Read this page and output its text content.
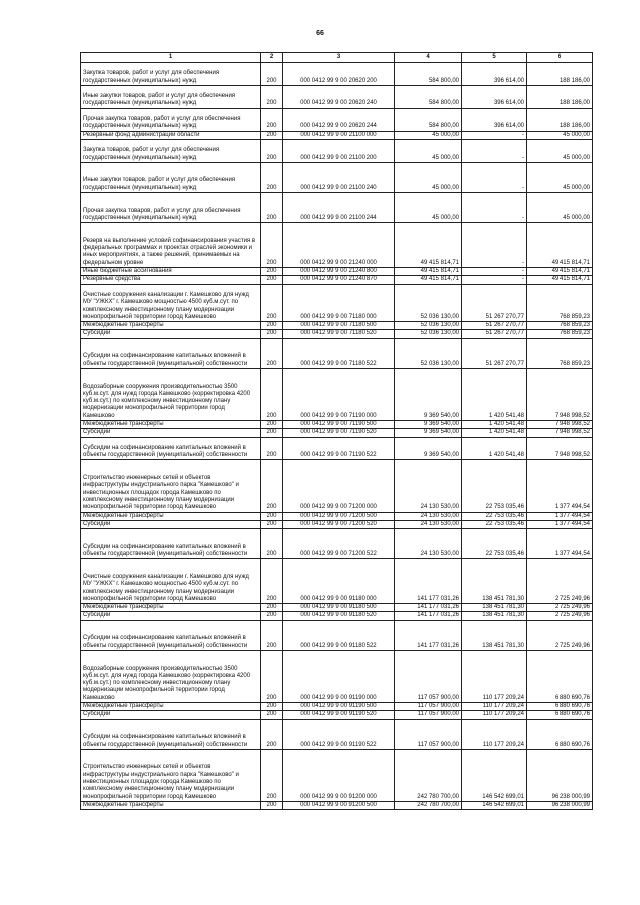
66
1	2	3	4	5	6
Закупка товаров, работ и услуг для обеспечения государственных (муниципальных) нужд	200	000 0412 99 9 00 20620 200	584 800,00	396 614,00	188 186,00
Иные закупки товаров, работ и услуг для обеспечения государственных (муниципальных) нужд	200	000 0412 99 9 00 20620 240	584 800,00	396 614,00	188 186,00
Прочая закупка товаров, работ и услуг для обеспечения государственных (муниципальных) нужд	200	000 0412 99 9 00 20620 244	584 800,00	396 614,00	188 186,00
Резервный фонд администрации области	200	000 0412 99 9 00 21100 000	45 000,00	-	45 000,00
Закупка товаров, работ и услуг для обеспечения государственных (муниципальных) нужд	200	000 0412 99 9 00 21100 200	45 000,00	-	45 000,00
Иные закупки товаров, работ и услуг для обеспечения государственных (муниципальных) нужд	200	000 0412 99 9 00 21100 240	45 000,00	-	45 000,00
Прочая закупка товаров, работ и услуг для обеспечения государственных (муниципальных) нужд	200	000 0412 99 9 00 21100 244	45 000,00	-	45 000,00
Резерв на выполнение условий софинансирования участия в федеральных программах и проектах отраслей экономики и иных мероприятиях, а также решений, принимаемых на федеральном уровне	200	000 0412 99 9 00 21240 000	49 415 814,71	-	49 415 814,71
Иные бюджетные ассигнования	200	000 0412 99 9 00 21240 800	49 415 814,71	-	49 415 814,71
Резервные средства	200	000 0412 99 9 00 21240 870	49 415 814,71	-	49 415 814,71
Очистные сооружения канализации г. Камешково для нужд МУ "УЖКХ" г. Камешково мощностью 4500 куб.м.сут. по комплексному инвестиционному плану модернизации монопрофильной территории город Камешково	200	000 0412 99 9 00 71180 000	52 036 130,00	51 267 270,77	768 859,23
Межбюджетные трансферты	200	000 0412 99 9 00 71180 500	52 036 130,00	51 267 270,77	768 859,23
Субсидии	200	000 0412 99 9 00 71180 520	52 036 130,00	51 267 270,77	768 859,23
Субсидии на софинансирование капитальных вложений в объекты государственной (муниципальной) собственности	200	000 0412 99 9 00 71180 522	52 036 130,00	51 267 270,77	768 859,23
Водозаборные сооружения производительностью 3500 куб.м.сут. для нужд города Камешково (корректировка 4200 куб.м.сут.) по комплексному инвестиционному плану модернизации монопрофильной территории город Камешково	200	000 0412 99 9 00 71190 000	9 369 540,00	1 420 541,48	7 948 998,52
Межбюджетные трансферты	200	000 0412 99 9 00 71190 500	9 369 540,00	1 420 541,48	7 948 998,52
Субсидии	200	000 0412 99 9 00 71190 520	9 369 540,00	1 420 541,48	7 948 998,52
Субсидии на софинансирование капитальных вложений в объекты государственной (муниципальной) собственности	200	000 0412 99 9 00 71190 522	9 369 540,00	1 420 541,48	7 948 998,52
Строительство инженерных сетей и объектов инфраструктуры индустриального парка "Камешково" и инвестиционных площадок города Камешково по комплексному инвестиционному плану модернизации монопрофильной территории город Камешково	200	000 0412 99 9 00 71200 000	24 130 530,00	22 753 035,46	1 377 494,54
Межбюджетные трансферты	200	000 0412 99 9 00 71200 500	24 130 530,00	22 753 035,46	1 377 494,54
Субсидии	200	000 0412 99 9 00 71200 520	24 130 530,00	22 753 035,46	1 377 494,54
Субсидии на софинансирование капитальных вложений в объекты государственной (муниципальной) собственности	200	000 0412 99 9 00 71200 522	24 130 530,00	22 753 035,46	1 377 494,54
Очистные сооружения канализации г. Камешково для нужд МУ "УЖКХ" г. Камешково мощностью 4500 куб.м.сут. по комплексному инвестиционному плану модернизации монопрофильной территории город Камешково	200	000 0412 99 9 00 91180 000	141 177 031,26	138 451 781,30	2 725 249,96
Межбюджетные трансферты	200	000 0412 99 9 00 91180 500	141 177 031,26	138 451 781,30	2 725 249,96
Субсидии	200	000 0412 99 9 00 91180 520	141 177 031,26	138 451 781,30	2 725 249,96
Субсидии на софинансирование капитальных вложений в объекты государственной (муниципальной) собственности	200	000 0412 99 9 00 91180 522	141 177 031,26	138 451 781,30	2 725 249,96
Водозаборные сооружения производительностью 3500 куб.м.сут. для нужд города Камешково (корректировка 4200 куб.м.сут.) по комплексному инвестиционному плану модернизации монопрофильной территории город Камешково	200	000 0412 99 9 00 91190 000	117 057 900,00	110 177 209,24	6 880 690,76
Межбюджетные трансферты	200	000 0412 99 9 00 91190 500	117 057 900,00	110 177 209,24	6 880 690,76
Субсидии	200	000 0412 99 9 00 91190 520	117 057 900,00	110 177 209,24	6 880 690,76
Субсидии на софинансирование капитальных вложений в объекты государственной (муниципальной) собственности	200	000 0412 99 9 00 91190 522	117 057 900,00	110 177 209,24	6 880 690,76
Строительство инженерных сетей и объектов инфраструктуры индустриального парка "Камешково" и инвестиционных площадок города Камешково по комплексному инвестиционному плану модернизации монопрофильной территории город Камешково	200	000 0412 99 9 00 91200 000	242 780 700,00	146 542 699,01	96 238 000,99
Межбюджетные трансферты	200	000 0412 99 9 00 91200 500	242 780 700,00	146 542 699,01	96 238 000,99
